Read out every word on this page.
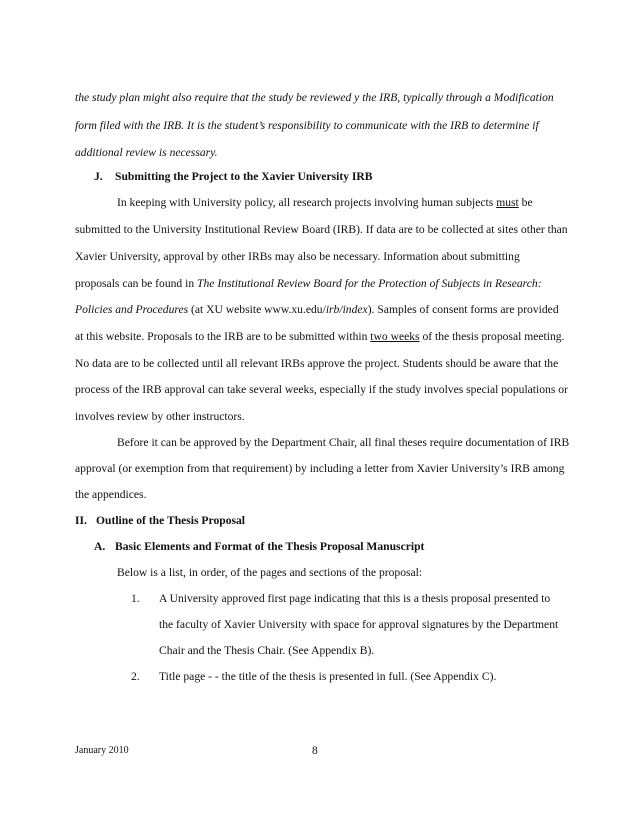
the study plan might also require that the study be reviewed y the IRB, typically through a Modification
form filed with the IRB. It is the student’s responsibility to communicate with the IRB to determine if
additional review is necessary.
J. Submitting the Project to the Xavier University IRB
In keeping with University policy, all research projects involving human subjects must be
submitted to the University Institutional Review Board (IRB). If data are to be collected at sites other than
Xavier University, approval by other IRBs may also be necessary. Information about submitting
proposals can be found in The Institutional Review Board for the Protection of Subjects in Research:
Policies and Procedures (at XU website www.xu.edu/irb/index). Samples of consent forms are provided
at this website. Proposals to the IRB are to be submitted within two weeks of the thesis proposal meeting.
No data are to be collected until all relevant IRBs approve the project. Students should be aware that the
process of the IRB approval can take several weeks, especially if the study involves special populations or
involves review by other instructors.
Before it can be approved by the Department Chair, all final theses require documentation of IRB
approval (or exemption from that requirement) by including a letter from Xavier University’s IRB among
the appendices.
II. Outline of the Thesis Proposal
A. Basic Elements and Format of the Thesis Proposal Manuscript
Below is a list, in order, of the pages and sections of the proposal:
1. A University approved first page indicating that this is a thesis proposal presented to
the faculty of Xavier University with space for approval signatures by the Department
Chair and the Thesis Chair. (See Appendix B).
2. Title page - - the title of the thesis is presented in full. (See Appendix C).
January 2010	8
